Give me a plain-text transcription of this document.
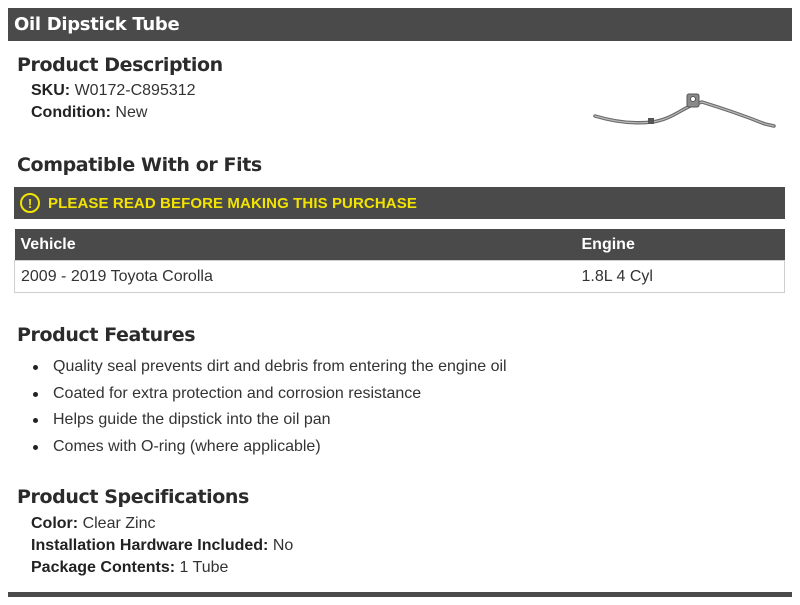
Oil Dipstick Tube
Product Description
SKU: W0172-C895312
Condition: New
Compatible With or Fits
!	PLEASE READ BEFORE MAKING THIS PURCHASE
Vehicle	Engine
2009 - 2019 Toyota Corolla	1.8L 4 Cyl
Product Features
Quality seal prevents dirt and debris from entering the engine oil
Coated for extra protection and corrosion resistance
Helps guide the dipstick into the oil pan
Comes with O-ring (where applicable)
Product Specifications
Color: Clear Zinc
Installation Hardware Included: No
Package Contents: 1 Tube
